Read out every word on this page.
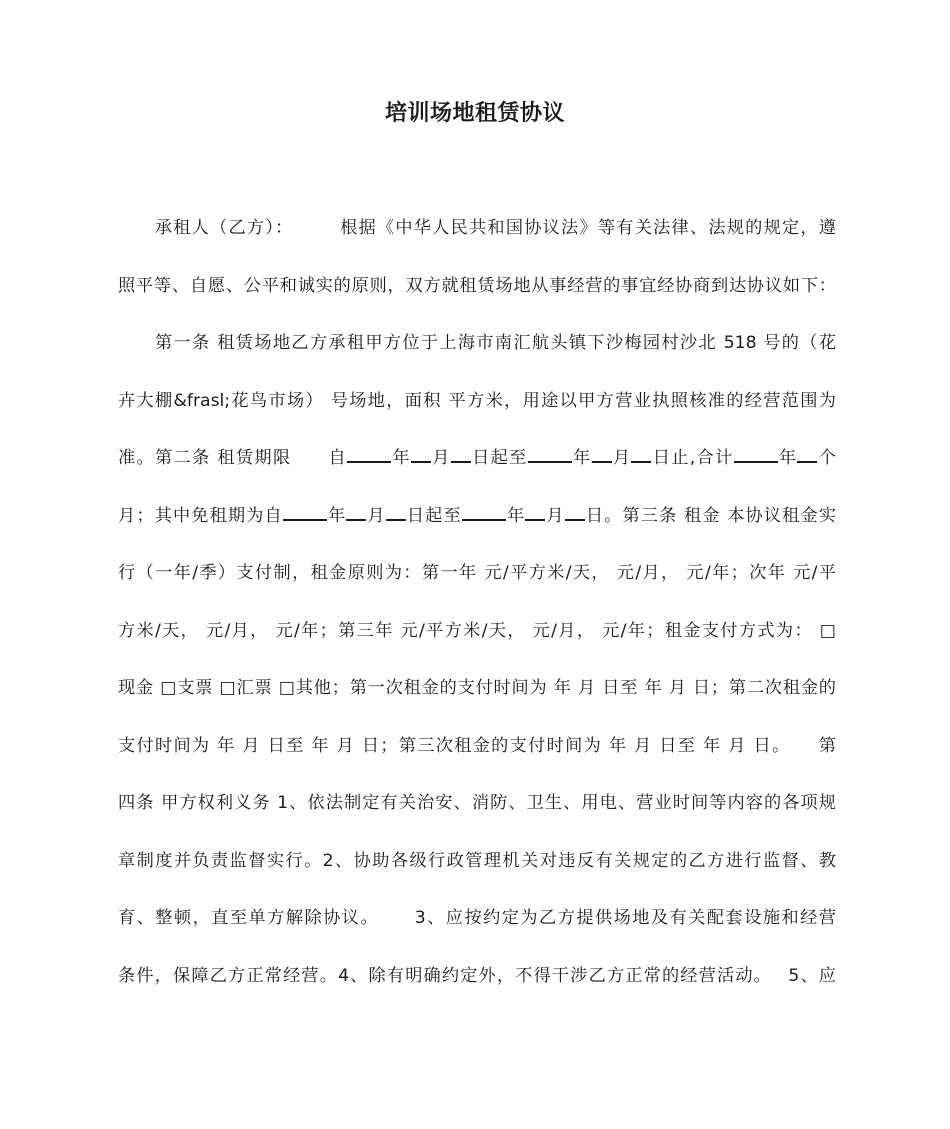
培训场地租赁协议
　　承租人（乙方）：　　　根据《中华人民共和国协议法》等有关法律、法规的规定，遵
照平等、自愿、公平和诚实的原则，双方就租赁场地从事经营的事宜经协商到达协议如下：
　　第一条 租赁场地乙方承租甲方位于上海市南汇航头镇下沙梅园村沙北 518 号的（花
卉大棚&frasl;花鸟市场） 号场地，面积 平方米，用途以甲方营业执照核准的经营范围为
准。第二条 租赁期限　　自	年 月 日起至	年 月 日止,合计	年 个
月；其中免租期为自	年 月 日起至	年 月 日。第三条 租金 本协议租金实
行（一年/季）支付制，租金原则为：第一年 元/平方米/天， 元/月， 元/年；次年 元/平
方米/天， 元/月， 元/年；第三年 元/平方米/天， 元/月， 元/年；租金支付方式为： □
现金 □支票 □汇票 □其他；第一次租金的支付时间为 年 月 日至 年 月 日；第二次租金的
支付时间为 年 月 日至 年 月 日；第三次租金的支付时间为 年 月 日至 年 月 日。　　第
四条 甲方权利义务 1、依法制定有关治安、消防、卫生、用电、营业时间等内容的各项规
章制度并负责监督实行。2、协助各级行政管理机关对违反有关规定的乙方进行监督、教
育、整顿，直至单方解除协议。　　 3、应按约定为乙方提供场地及有关配套设施和经营
条件，保障乙方正常经营。4、除有明确约定外，不得干涉乙方正常的经营活动。　 5、应
